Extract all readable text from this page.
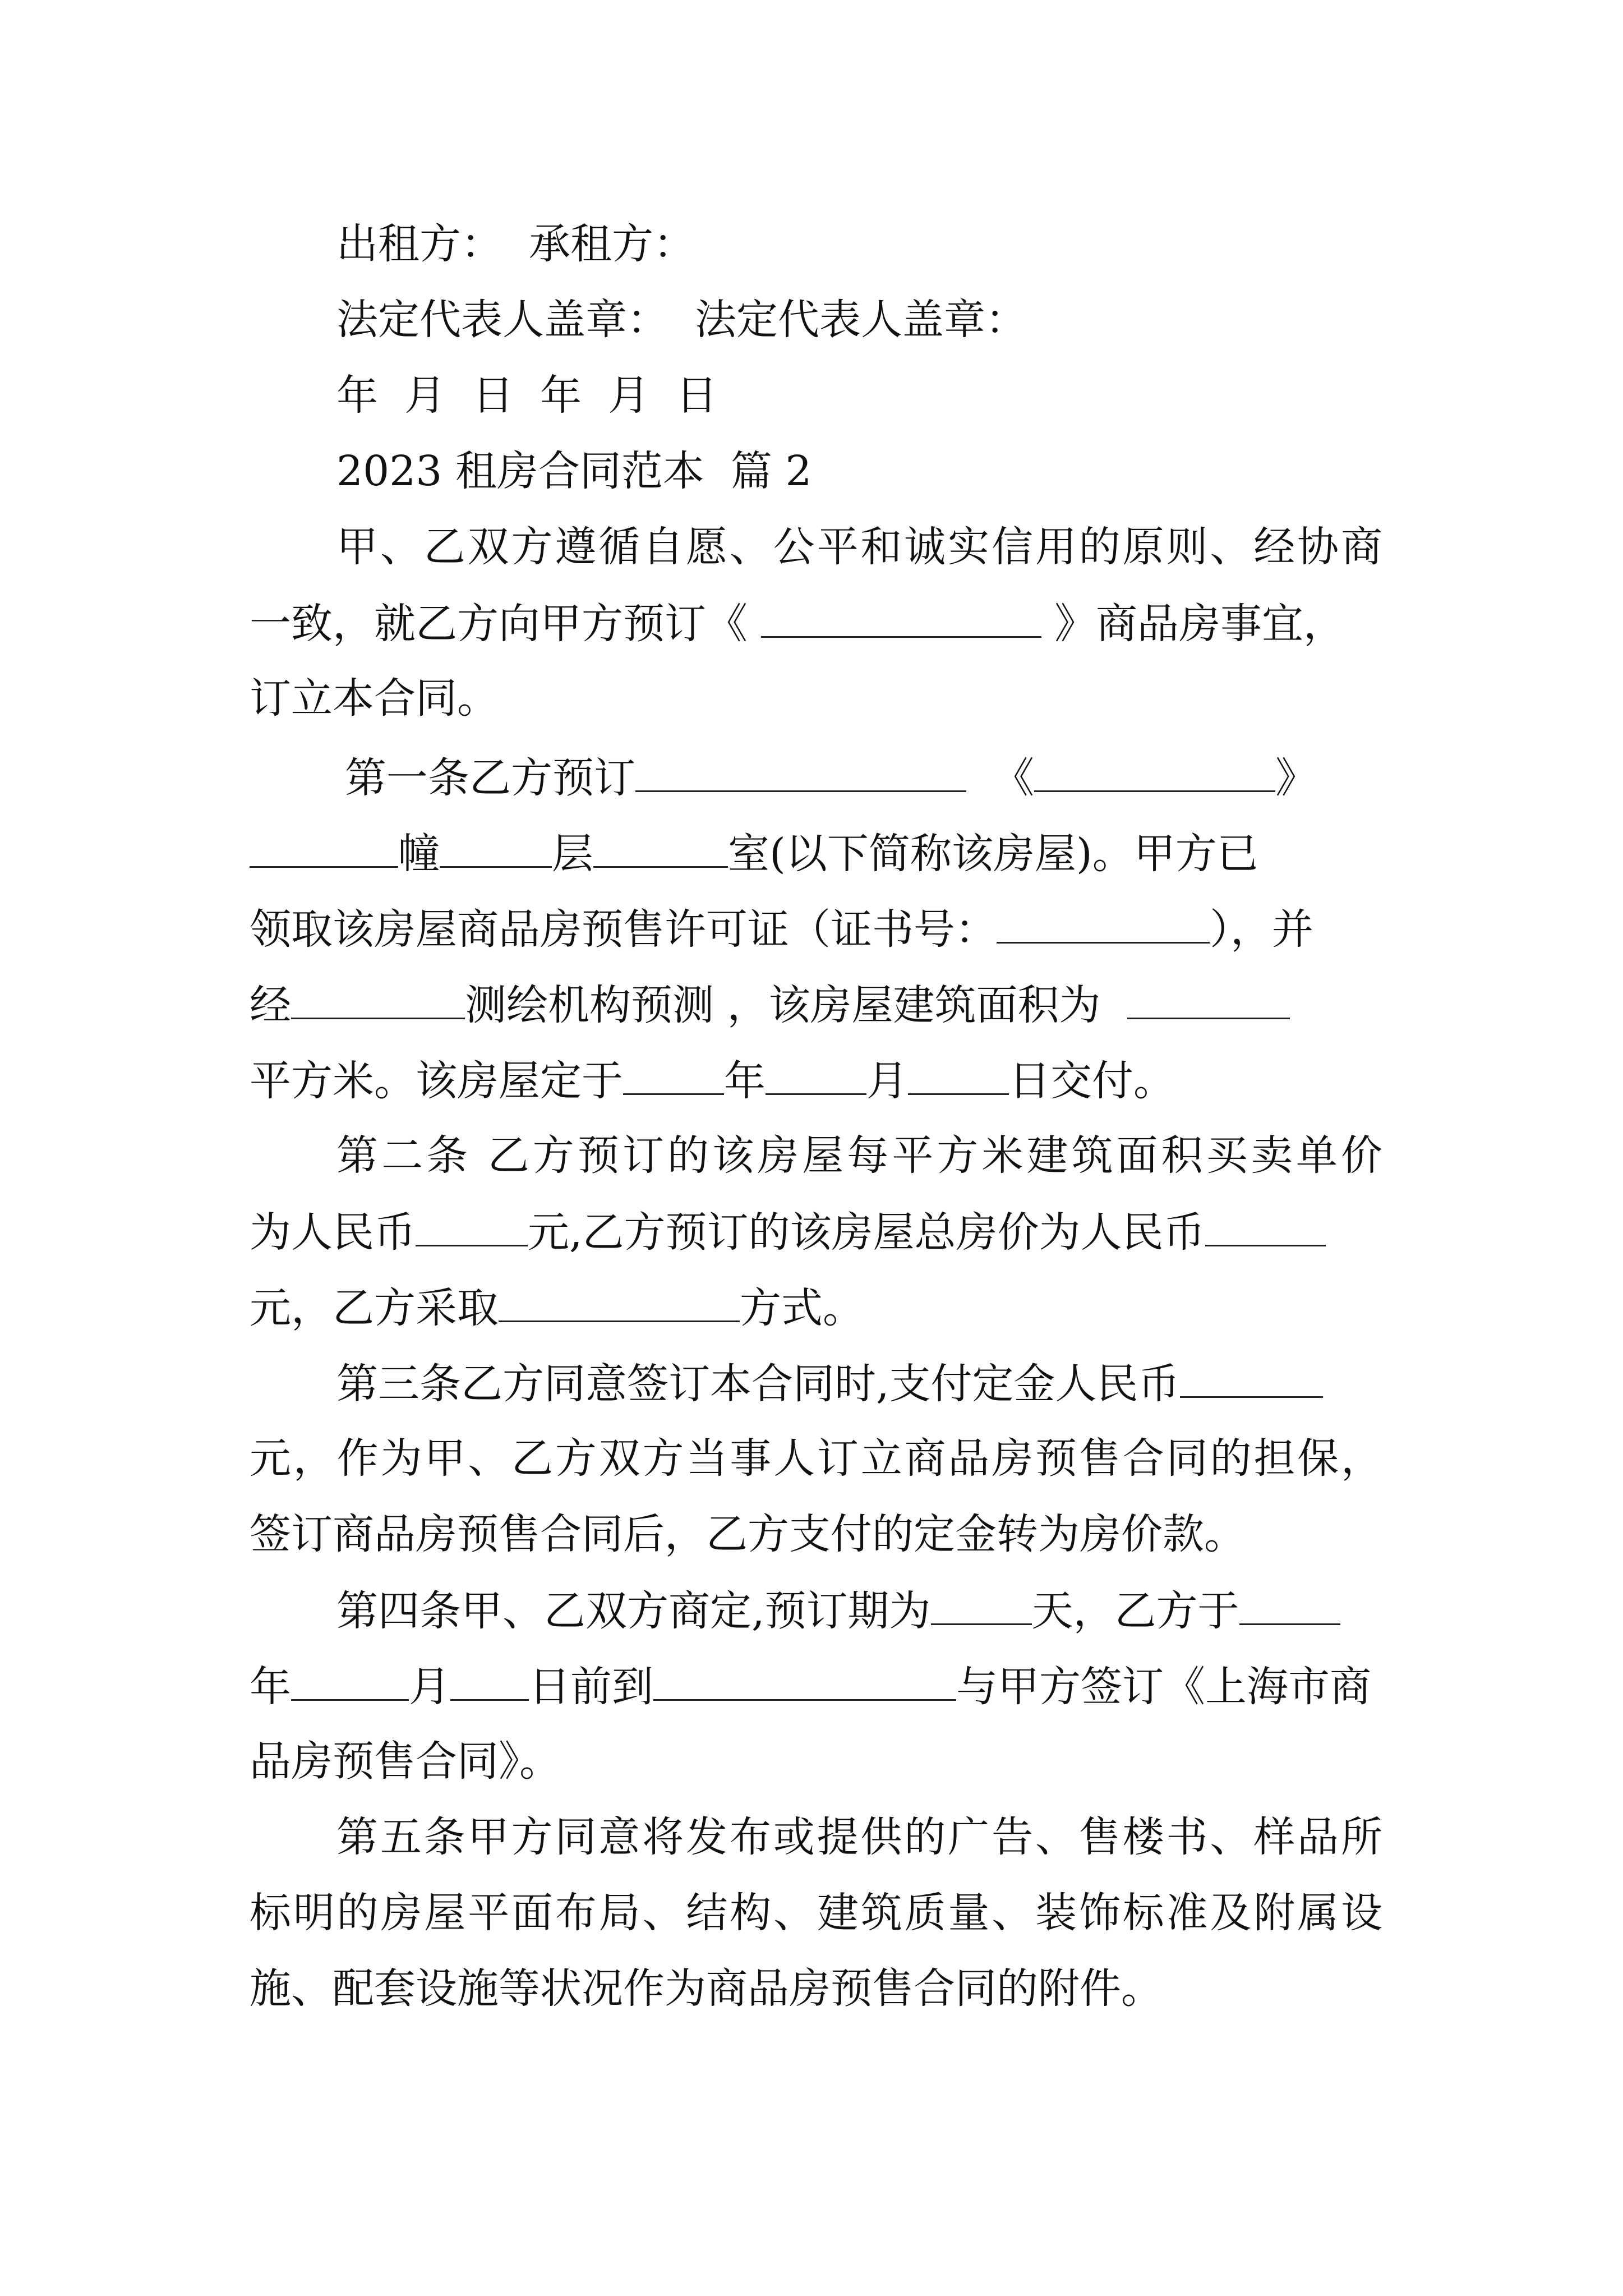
出租方：  承租方：
法定代表人盖章：  法定代表人盖章：
年  月  日  年  月  日
2023 租房合同范本  篇 2
甲、乙双方遵循自愿、公平和诚实信用的原则、经协商
一致，就乙方向甲方预订《	》商品房事宜，
订立本合同。
第一条乙方预订	《	》
幢	层	室(以下简称该房屋)。甲方已
领取该房屋商品房预售许可证（证书号：	），并
经	测绘机构预测 ，该房屋建筑面积为
平方米。该房屋定于 年 月 日交付。
第二条 乙方预订的该房屋每平方米建筑面积买卖单价
为人民币	元,乙方预订的该房屋总房价为人民币
元，乙方采取	方式。
第三条乙方同意签订本合同时,支付定金人民币
元，作为甲、乙方双方当事人订立商品房预售合同的担保，
签订商品房预售合同后，乙方支付的定金转为房价款。
第四条甲、乙双方商定,预订期为 天，乙方于
年	月 日前到	与甲方签订《上海市商
品房预售合同》。
第五条甲方同意将发布或提供的广告、售楼书、样品所
标明的房屋平面布局、结构、建筑质量、装饰标准及附属设
施、配套设施等状况作为商品房预售合同的附件。
